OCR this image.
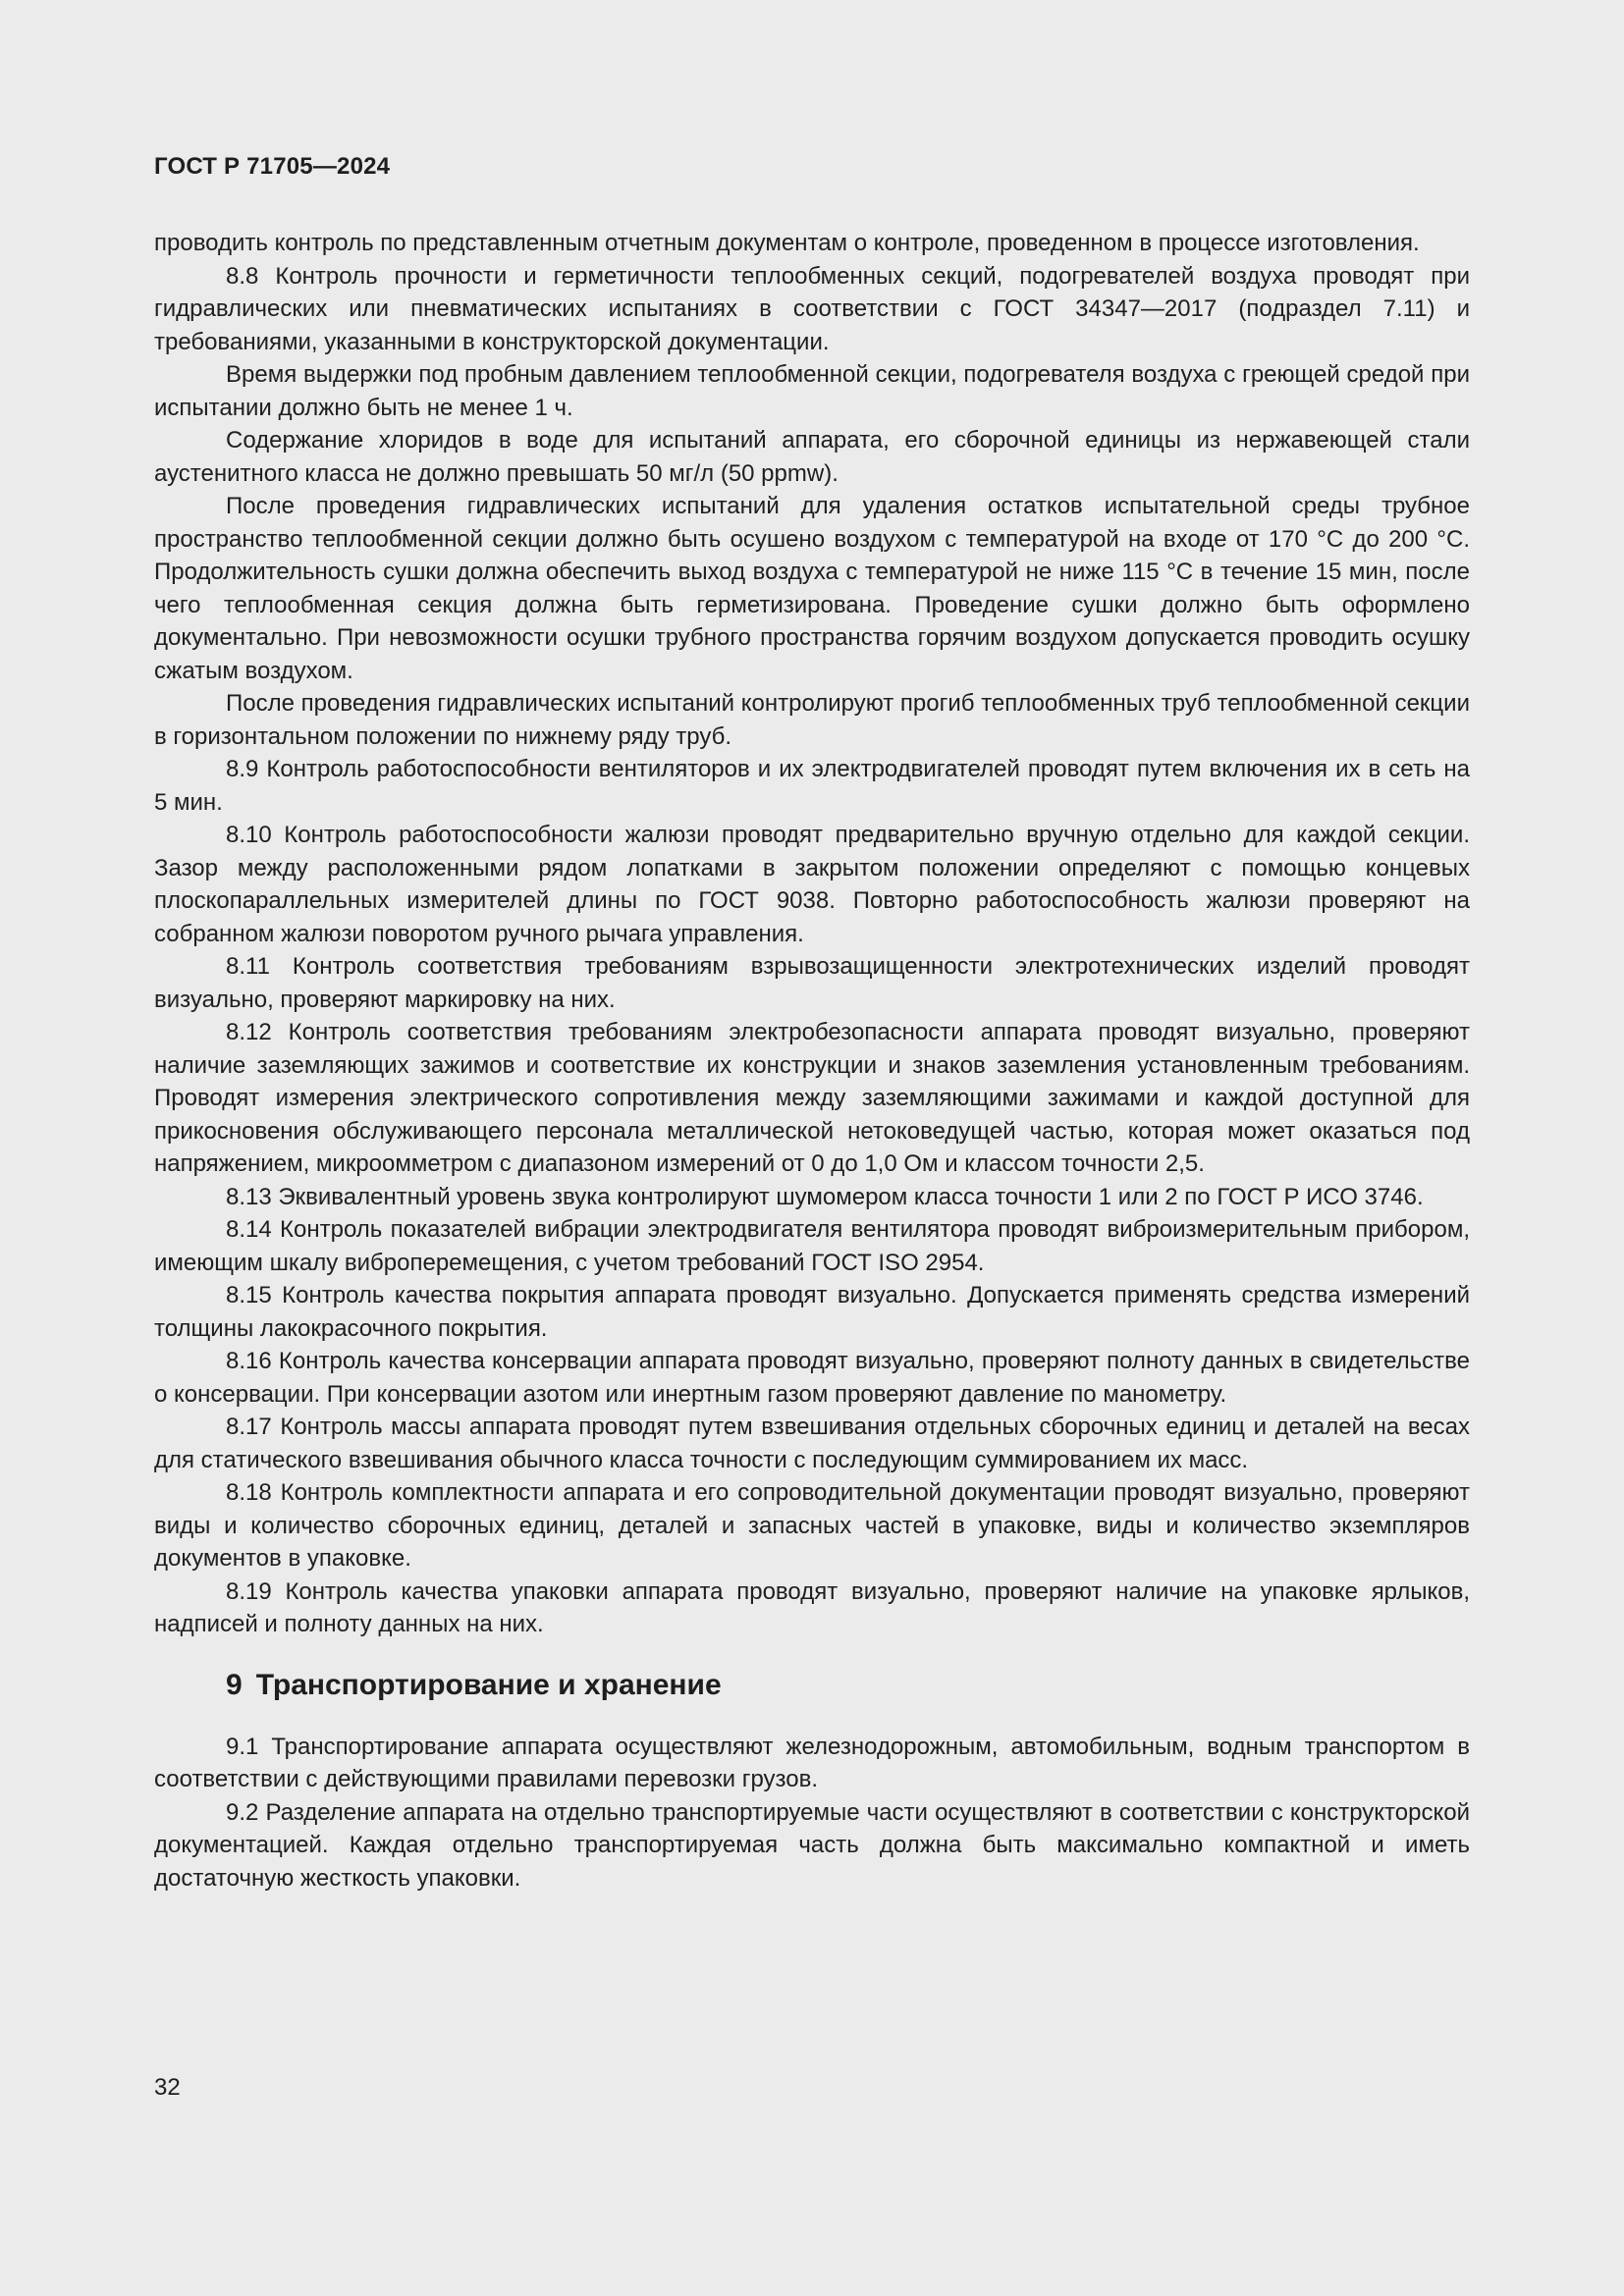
ГОСТ Р 71705—2024

проводить контроль по представленным отчетным документам о контроле, проведенном в процессе изготовления.

8.8 Контроль прочности и герметичности теплообменных секций, подогревателей воздуха проводят при гидравлических или пневматических испытаниях в соответствии с ГОСТ 34347—2017 (подраздел 7.11) и требованиями, указанными в конструкторской документации.

Время выдержки под пробным давлением теплообменной секции, подогревателя воздуха с греющей средой при испытании должно быть не менее 1 ч.

Содержание хлоридов в воде для испытаний аппарата, его сборочной единицы из нержавеющей стали аустенитного класса не должно превышать 50 мг/л (50 ppmw).

После проведения гидравлических испытаний для удаления остатков испытательной среды трубное пространство теплообменной секции должно быть осушено воздухом с температурой на входе от 170 °С до 200 °С. Продолжительность сушки должна обеспечить выход воздуха с температурой не ниже 115 °С в течение 15 мин, после чего теплообменная секция должна быть герметизирована. Проведение сушки должно быть оформлено документально. При невозможности осушки трубного пространства горячим воздухом допускается проводить осушку сжатым воздухом.

После проведения гидравлических испытаний контролируют прогиб теплообменных труб теплообменной секции в горизонтальном положении по нижнему ряду труб.

8.9 Контроль работоспособности вентиляторов и их электродвигателей проводят путем включения их в сеть на 5 мин.

8.10 Контроль работоспособности жалюзи проводят предварительно вручную отдельно для каждой секции. Зазор между расположенными рядом лопатками в закрытом положении определяют с помощью концевых плоскопараллельных измерителей длины по ГОСТ 9038. Повторно работоспособность жалюзи проверяют на собранном жалюзи поворотом ручного рычага управления.

8.11 Контроль соответствия требованиям взрывозащищенности электротехнических изделий проводят визуально, проверяют маркировку на них.

8.12 Контроль соответствия требованиям электробезопасности аппарата проводят визуально, проверяют наличие заземляющих зажимов и соответствие их конструкции и знаков заземления установленным требованиям. Проводят измерения электрического сопротивления между заземляющими зажимами и каждой доступной для прикосновения обслуживающего персонала металлической нетоковедущей частью, которая может оказаться под напряжением, микроомметром с диапазоном измерений от 0 до 1,0 Ом и классом точности 2,5.

8.13 Эквивалентный уровень звука контролируют шумомером класса точности 1 или 2 по ГОСТ Р ИСО 3746.

8.14 Контроль показателей вибрации электродвигателя вентилятора проводят виброизмерительным прибором, имеющим шкалу виброперемещения, с учетом требований ГОСТ ISO 2954.

8.15 Контроль качества покрытия аппарата проводят визуально. Допускается применять средства измерений толщины лакокрасочного покрытия.

8.16 Контроль качества консервации аппарата проводят визуально, проверяют полноту данных в свидетельстве о консервации. При консервации азотом или инертным газом проверяют давление по манометру.

8.17 Контроль массы аппарата проводят путем взвешивания отдельных сборочных единиц и деталей на весах для статического взвешивания обычного класса точности с последующим суммированием их масс.

8.18 Контроль комплектности аппарата и его сопроводительной документации проводят визуально, проверяют виды и количество сборочных единиц, деталей и запасных частей в упаковке, виды и количество экземпляров документов в упаковке.

8.19 Контроль качества упаковки аппарата проводят визуально, проверяют наличие на упаковке ярлыков, надписей и полноту данных на них.

9 Транспортирование и хранение

9.1 Транспортирование аппарата осуществляют железнодорожным, автомобильным, водным транспортом в соответствии с действующими правилами перевозки грузов.

9.2 Разделение аппарата на отдельно транспортируемые части осуществляют в соответствии с конструкторской документацией. Каждая отдельно транспортируемая часть должна быть максимально компактной и иметь достаточную жесткость упаковки.

32
